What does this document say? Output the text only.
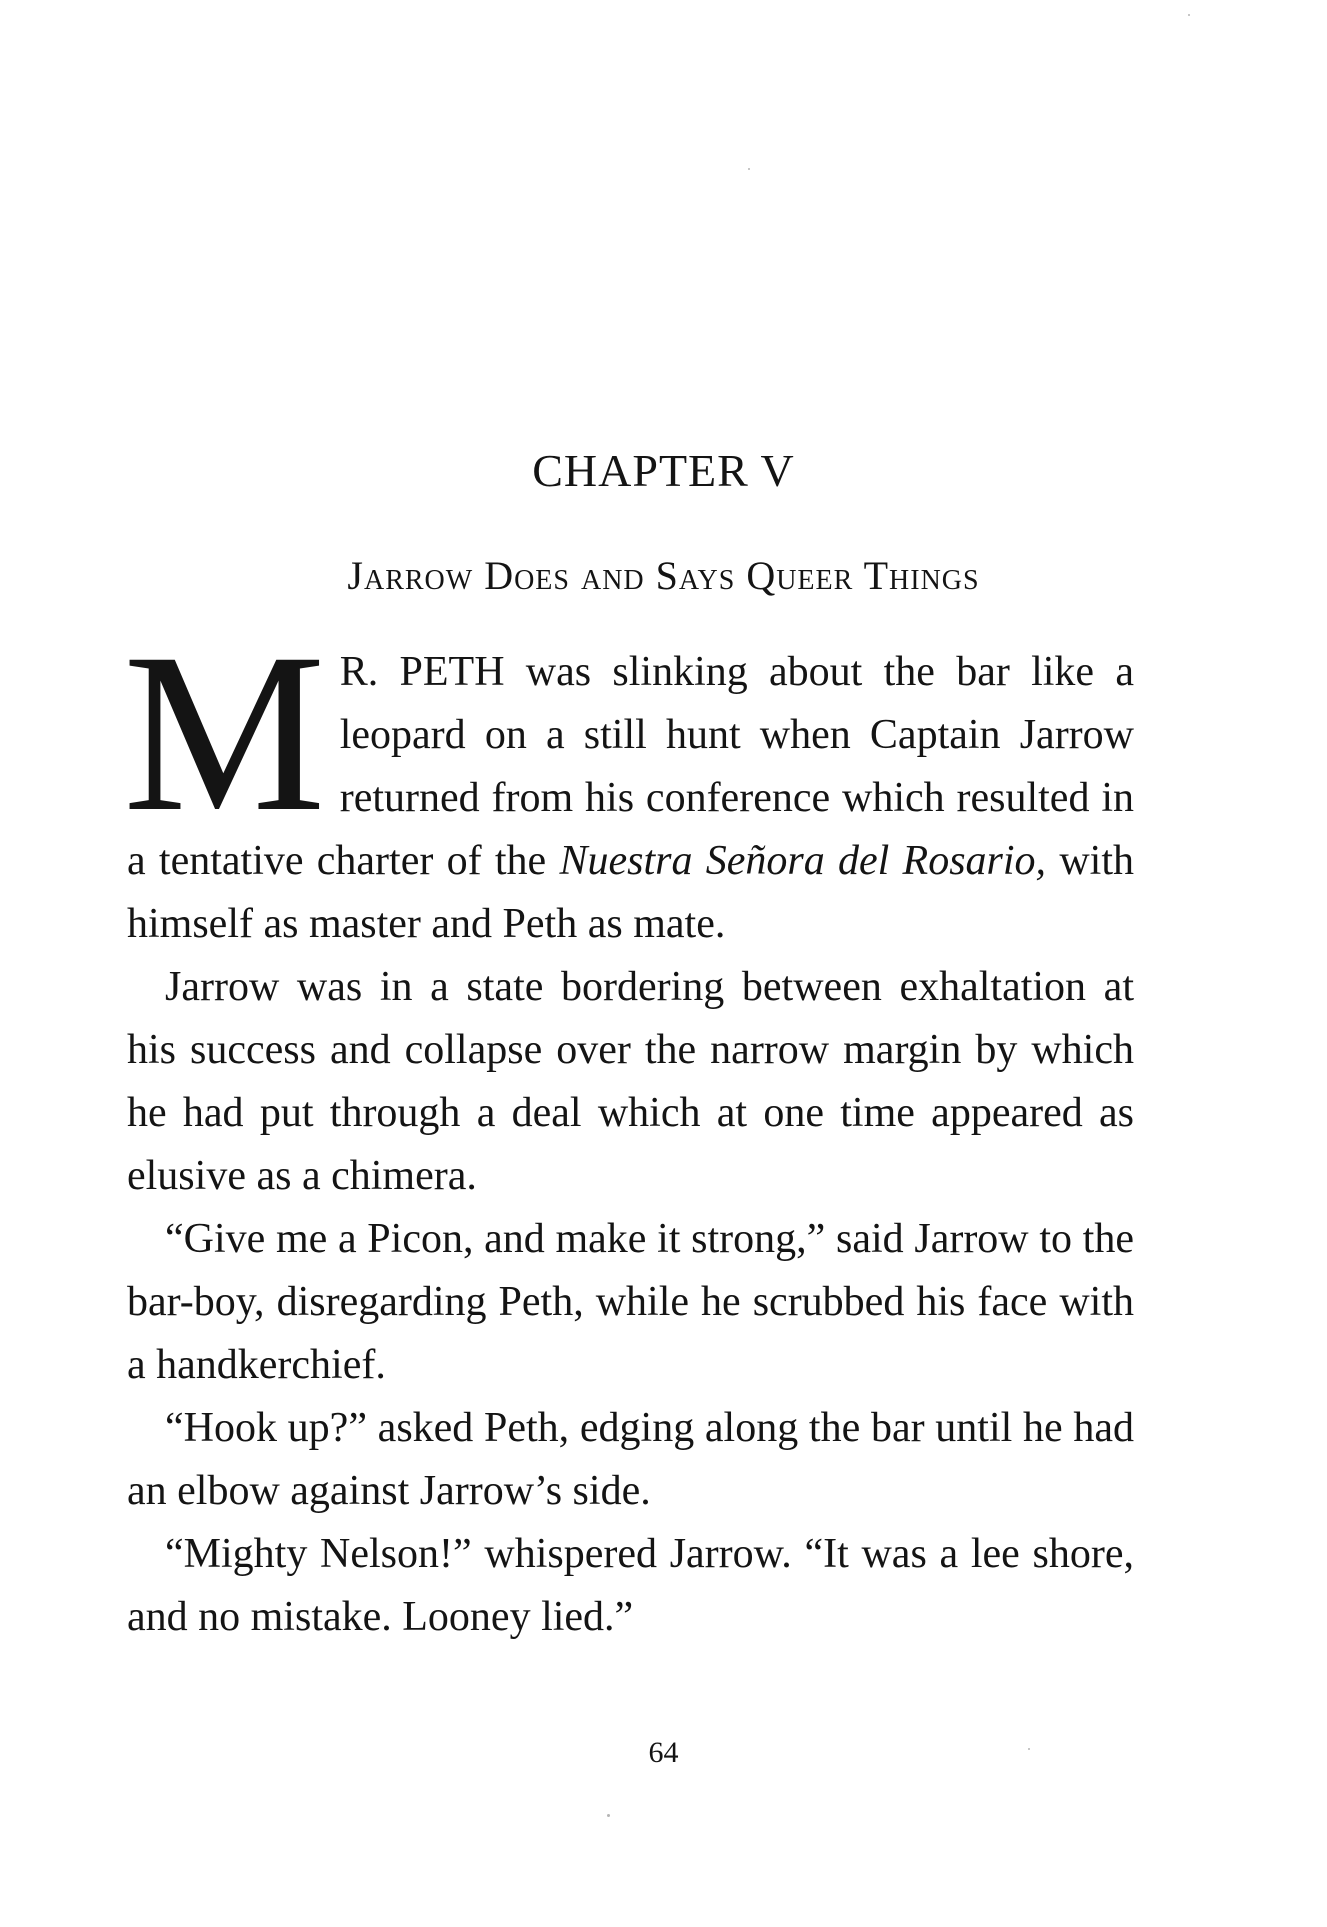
CHAPTER V
Jarrow Does and Says Queer Things

M R. PETH was slinking about the bar like a leopard on a still hunt when Captain Jarrow returned from his conference which resulted in a tentative charter of the Nuestra Señora del Rosario, with himself as master and Peth as mate.

Jarrow was in a state bordering between exhaltation at his success and collapse over the narrow margin by which he had put through a deal which at one time appeared as elusive as a chimera.

“Give me a Picon, and make it strong,” said Jarrow to the bar-boy, disregarding Peth, while he scrubbed his face with a handkerchief.

“Hook up?” asked Peth, edging along the bar until he had an elbow against Jarrow’s side.

“Mighty Nelson!” whispered Jarrow. “It was a lee shore, and no mistake. Looney lied.”

64
